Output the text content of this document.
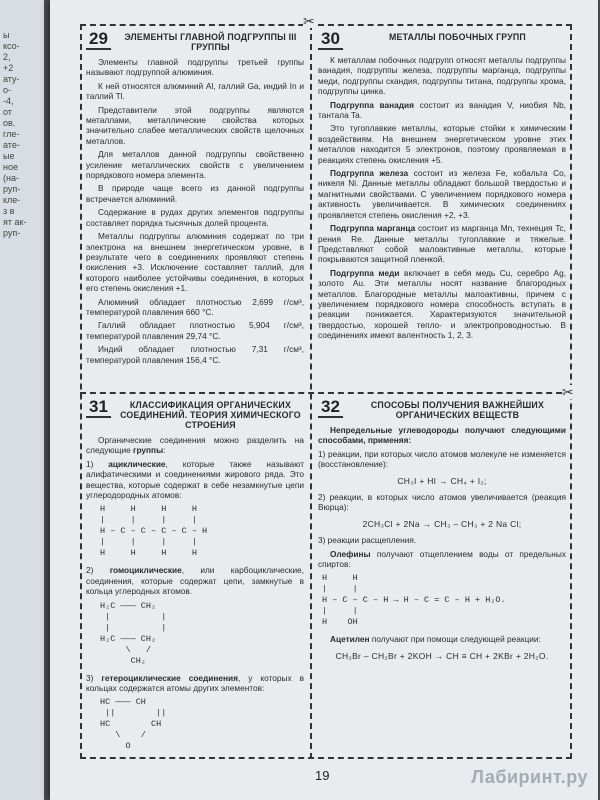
ы
ксо-
2,
+2
ату-
о-
-4,
от
ов.
гле-
ате-
ые
ное
(на-
руп-
кле-
з в
ят ак-
руп-
✂
✂
29	ЭЛЕМЕНТЫ ГЛАВНОЙ ПОДГРУППЫ III ГРУППЫ

Элементы главной подгруппы третьей группы называют подгруппой алюминия.

К ней относятся алюминий Al, галлий Ga, индий In и таллий Tl.

Представители этой подгруппы являются металлами, металлические свойства которых значительно слабее металлических свойств щелочных металлов.

Для металлов данной подгруппы свойственно усиление металлических свойств с увеличением порядкового номера элемента.

В природе чаще всего из данной подгруппы встречается алюминий.

Содержание в рудах других элементов подгруппы составляет порядка тысячных долей процента.

Металлы подгруппы алюминия содержат по три электрона на внешнем энергетическом уровне, в результате чего в соединениях проявляют степень окисления +3. Исключение составляет таллий, для которого наиболее устойчивы соединения, в которых его степень окисления +1.

Алюминий обладает плотностью 2,699 г/см³, температурой плавления 660 °С.

Галлий обладает плотностью 5,904 г/см³, температурой плавления 29,74 °С.

Индий обладает плотностью 7,31 г/см³, температурой плавления 156,4 °С.

30	МЕТАЛЛЫ ПОБОЧНЫХ ГРУПП

К металлам побочных подгрупп относят металлы подгруппы ванадия, подгруппы железа, подгруппы марганца, подгруппы меди, подгруппы скандия, подгруппы титана, подгруппы хрома, подгруппы цинка.

Подгруппа ванадия состоит из ванадия V, ниобия Nb, тантала Ta.

Это тугоплавкие металлы, которые стойки к химическим воздействиям. На внешнем энергетическом уровне этих металлов находится 5 электронов, поэтому проявляемая в реакциях степень окисления +5.

Подгруппа железа состоит из железа Fe, кобальта Co, никеля Ni. Данные металлы обладают большой твердостью и магнитными свойствами. С увеличением порядкового номера активность увеличивается. В химических соединениях проявляется степень окисления +2, +3.

Подгруппа марганца состоит из марганца Mn, технеция Tc, рения Re. Данные металлы тугоплавкие и тяжелые. Представляют собой малоактивные металлы, которые покрываются защитной пленкой.

Подгруппа меди включает в себя медь Cu, серебро Ag, золото Au. Эти металлы носят название благородных металлов. Благородные металлы малоактивны, причем с увеличением порядкового номера способность вступать в реакции понижается. Характеризуются значительной твердостью, хорошей тепло- и электропроводностью. В соединениях имеют валентность 1, 2, 3.

31	КЛАССИФИКАЦИЯ ОРГАНИЧЕСКИХ СОЕДИНЕНИЙ. ТЕОРИЯ ХИМИЧЕСКОГО СТРОЕНИЯ

Органические соединения можно разделить на следующие группы:

1) ациклические, которые также называют алифатическими и соединениями жирового ряда. Это вещества, которые содержат в себе незамкнутые цепи углеродородных атомов:

H     H     H     H
|     |     |     |
H – C – C – C – C – H
|     |     |     |
H     H     H     H

2) гомоциклические, или карбоциклические, соединения, которые содержат цепи, замкнутые в кольца углеродных атомов.

H₂C ——— CH₂
|          |
|          |
H₂C ——— CH₂
\   /
CH₂

3) гетероциклические соединения, у которых в кольцах содержатся атомы других элементов:

HC ——— CH
||        ||
HC        CH
\    /
O
32	СПОСОБЫ ПОЛУЧЕНИЯ ВАЖНЕЙШИХ ОРГАНИЧЕСКИХ ВЕЩЕСТВ

Непредельные углеводороды получают следующими способами, применяя:

1) реакции, при которых число атомов молекуле не изменяется (восстановление):

CH₃I + HI → CH₄ + I₂;

2) реакции, в которых число атомов увеличивается (реакция Вюрца):

2CH₃Cl + 2Na → CH₃ – CH₃ + 2 Na Cl;

3) реакции расщепления.

Олефины получают отщеплением воды от предельных спиртов:

H     H
|     |
H – C – C – H → H – C = C – H + H₂O.
|     |
H    OH

Ацетилен получают при помощи следующей реакции:

CH₂Br – CH₂Br + 2KOH → CH ≡ CH + 2KBr + 2H₂O.
19	Лабиринт.ру
